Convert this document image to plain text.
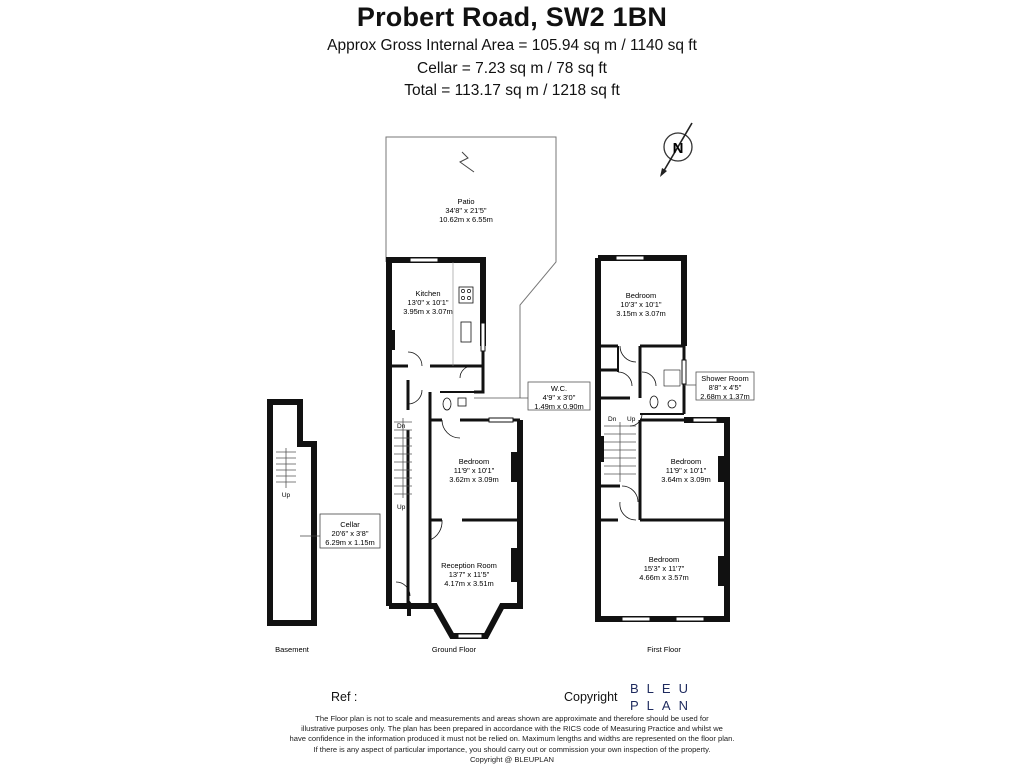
Probert Road, SW2 1BN
Approx Gross Internal Area = 105.94 sq m / 1140 sq ft
Cellar = 7.23 sq m / 78 sq ft
Total = 113.17 sq m / 1218 sq ft
N
Patio
34'8" x 21'5"
10.62m x 6.55m
Up
Cellar
20'6" x 3'8"
6.29m x 1.15m
Kitchen
13'0" x 10'1"
3.95m x 3.07m
W.C.
4'9" x 3'0"
1.49m x 0.90m
Dn
Up
Bedroom
11'9" x 10'1"
3.62m x 3.09m
Reception Room
13'7" x 11'5"
4.17m x 3.51m
Bedroom
10'3" x 10'1"
3.15m x 3.07m
Shower Room
8'8" x 4'5"
2.68m x 1.37m
Dn Up
Bedroom
11'9" x 10'1"
3.64m x 3.09m
Bedroom
15'3" x 11'7"
4.66m x 3.57m
Basement	Ground Floor	First Floor
Ref :	Copyright
BLEU
PLAN
The Floor plan is not to scale and measurements and areas shown are approximate and therefore should be used for
illustrative purposes only. The plan has been prepared in accordance with the RICS code of Measuring Practice and whilst we
have confidence in the information produced it must not be relied on. Maximum lengths and widths are represented on the floor plan.
If there is any aspect of particular importance, you should carry out or commission your own inspection of the property.
Copyright @ BLEUPLAN
